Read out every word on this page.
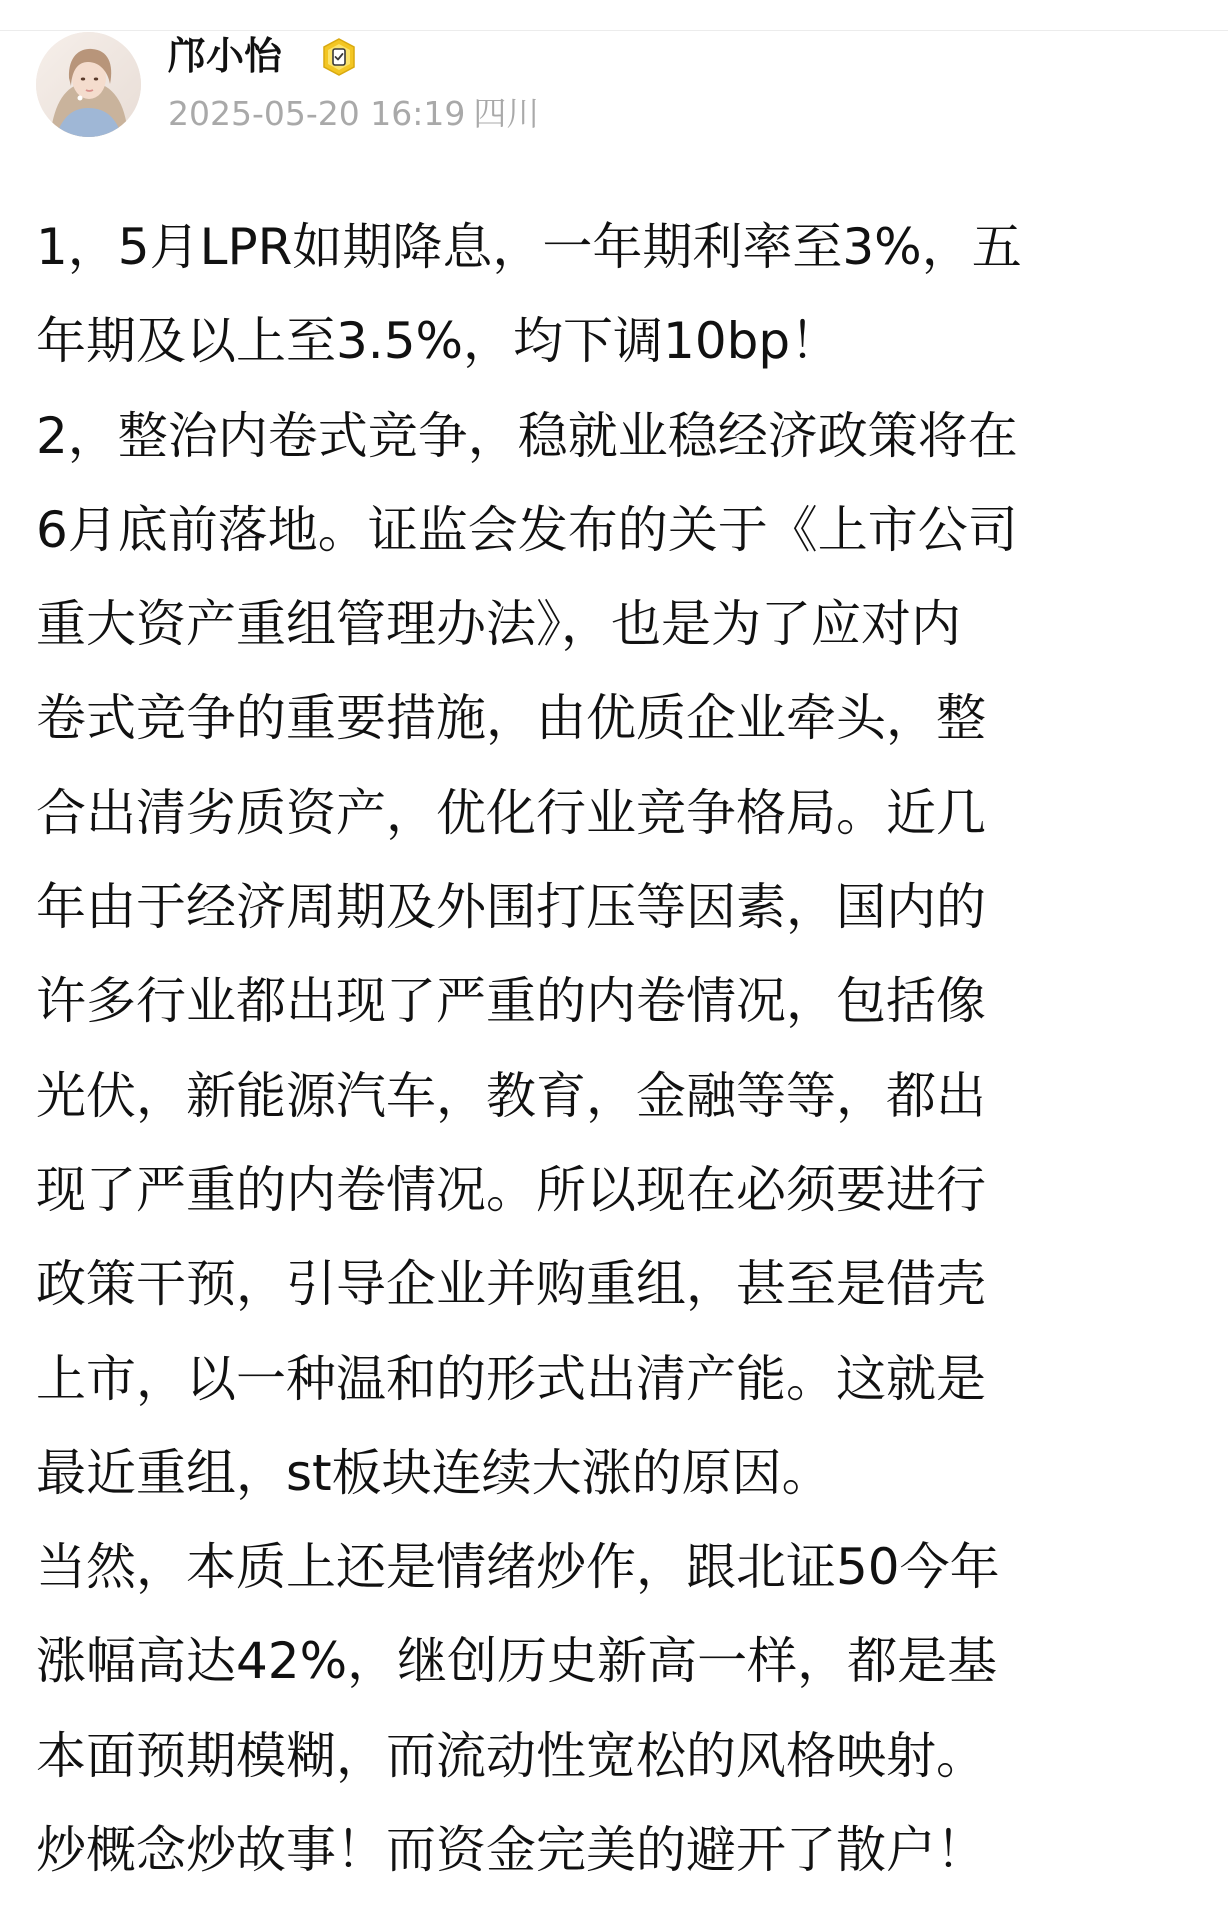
邝小怡
2025-05-20 16:19 四川

1，5月LPR如期降息，一年期利率至3%，五
年期及以上至3.5%，均下调10bp！

2，整治内卷式竞争，稳就业稳经济政策将在
6月底前落地。证监会发布的关于《上市公司
重大资产重组管理办法》，也是为了应对内
卷式竞争的重要措施，由优质企业牵头，整
合出清劣质资产，优化行业竞争格局。近几
年由于经济周期及外围打压等因素，国内的
许多行业都出现了严重的内卷情况，包括像
光伏，新能源汽车，教育，金融等等，都出
现了严重的内卷情况。所以现在必须要进行
政策干预，引导企业并购重组，甚至是借壳
上市，以一种温和的形式出清产能。这就是
最近重组，st板块连续大涨的原因。

当然，本质上还是情绪炒作，跟北证50今年
涨幅高达42%，继创历史新高一样，都是基
本面预期模糊，而流动性宽松的风格映射。
炒概念炒故事！而资金完美的避开了散户！
